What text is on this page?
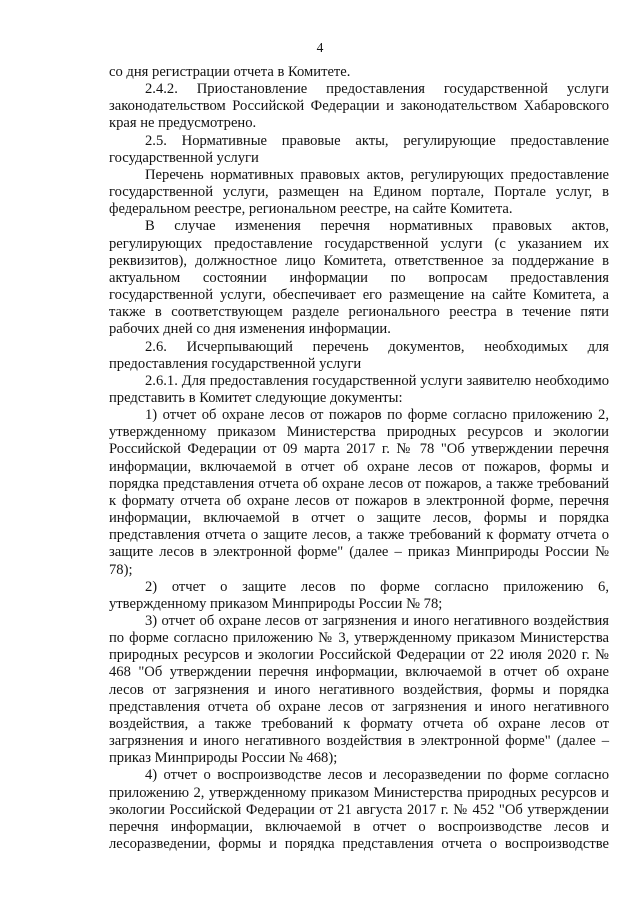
4

со дня регистрации отчета в Комитете.

2.4.2. Приостановление предоставления государственной услуги законодательством Российской Федерации и законодательством Хабаровского края не предусмотрено.

2.5. Нормативные правовые акты, регулирующие предоставление государственной услуги

Перечень нормативных правовых актов, регулирующих предоставление государственной услуги, размещен на Едином портале, Портале услуг, в федеральном реестре, региональном реестре, на сайте Комитета.

В случае изменения перечня нормативных правовых актов, регулирующих предоставление государственной услуги (с указанием их реквизитов), должностное лицо Комитета, ответственное за поддержание в актуальном состоянии информации по вопросам предоставления государственной услуги, обеспечивает его размещение на сайте Комитета, а также в соответствующем разделе регионального реестра в течение пяти рабочих дней со дня изменения информации.

2.6. Исчерпывающий перечень документов, необходимых для предоставления государственной услуги

2.6.1. Для предоставления государственной услуги заявителю необходимо представить в Комитет следующие документы:

1) отчет об охране лесов от пожаров по форме согласно приложению 2, утвержденному приказом Министерства природных ресурсов и экологии Российской Федерации от 09 марта 2017 г. № 78 "Об утверждении перечня информации, включаемой в отчет об охране лесов от пожаров, формы и порядка представления отчета об охране лесов от пожаров, а также требований к формату отчета об охране лесов от пожаров в электронной форме, перечня информации, включаемой в отчет о защите лесов, формы и порядка представления отчета о защите лесов, а также требований к формату отчета о защите лесов в электронной форме" (далее – приказ Минприроды России № 78);

2) отчет о защите лесов по форме согласно приложению 6, утвержденному приказом Минприроды России № 78;

3) отчет об охране лесов от загрязнения и иного негативного воздействия по форме согласно приложению № 3, утвержденному приказом Министерства природных ресурсов и экологии Российской Федерации от 22 июля 2020 г. № 468 "Об утверждении перечня информации, включаемой в отчет об охране лесов от загрязнения и иного негативного воздействия, формы и порядка представления отчета об охране лесов от загрязнения и иного негативного воздействия, а также требований к формату отчета об охране лесов от загрязнения и иного негативного воздействия в электронной форме" (далее – приказ Минприроды России № 468);

4) отчет о воспроизводстве лесов и лесоразведении по форме согласно приложению 2, утвержденному приказом Министерства природных ресурсов и экологии Российской Федерации от 21 августа 2017 г. № 452 "Об утверждении перечня информации, включаемой в отчет о воспроизводстве лесов и лесоразведении, формы и порядка представления отчета о воспроизводстве
